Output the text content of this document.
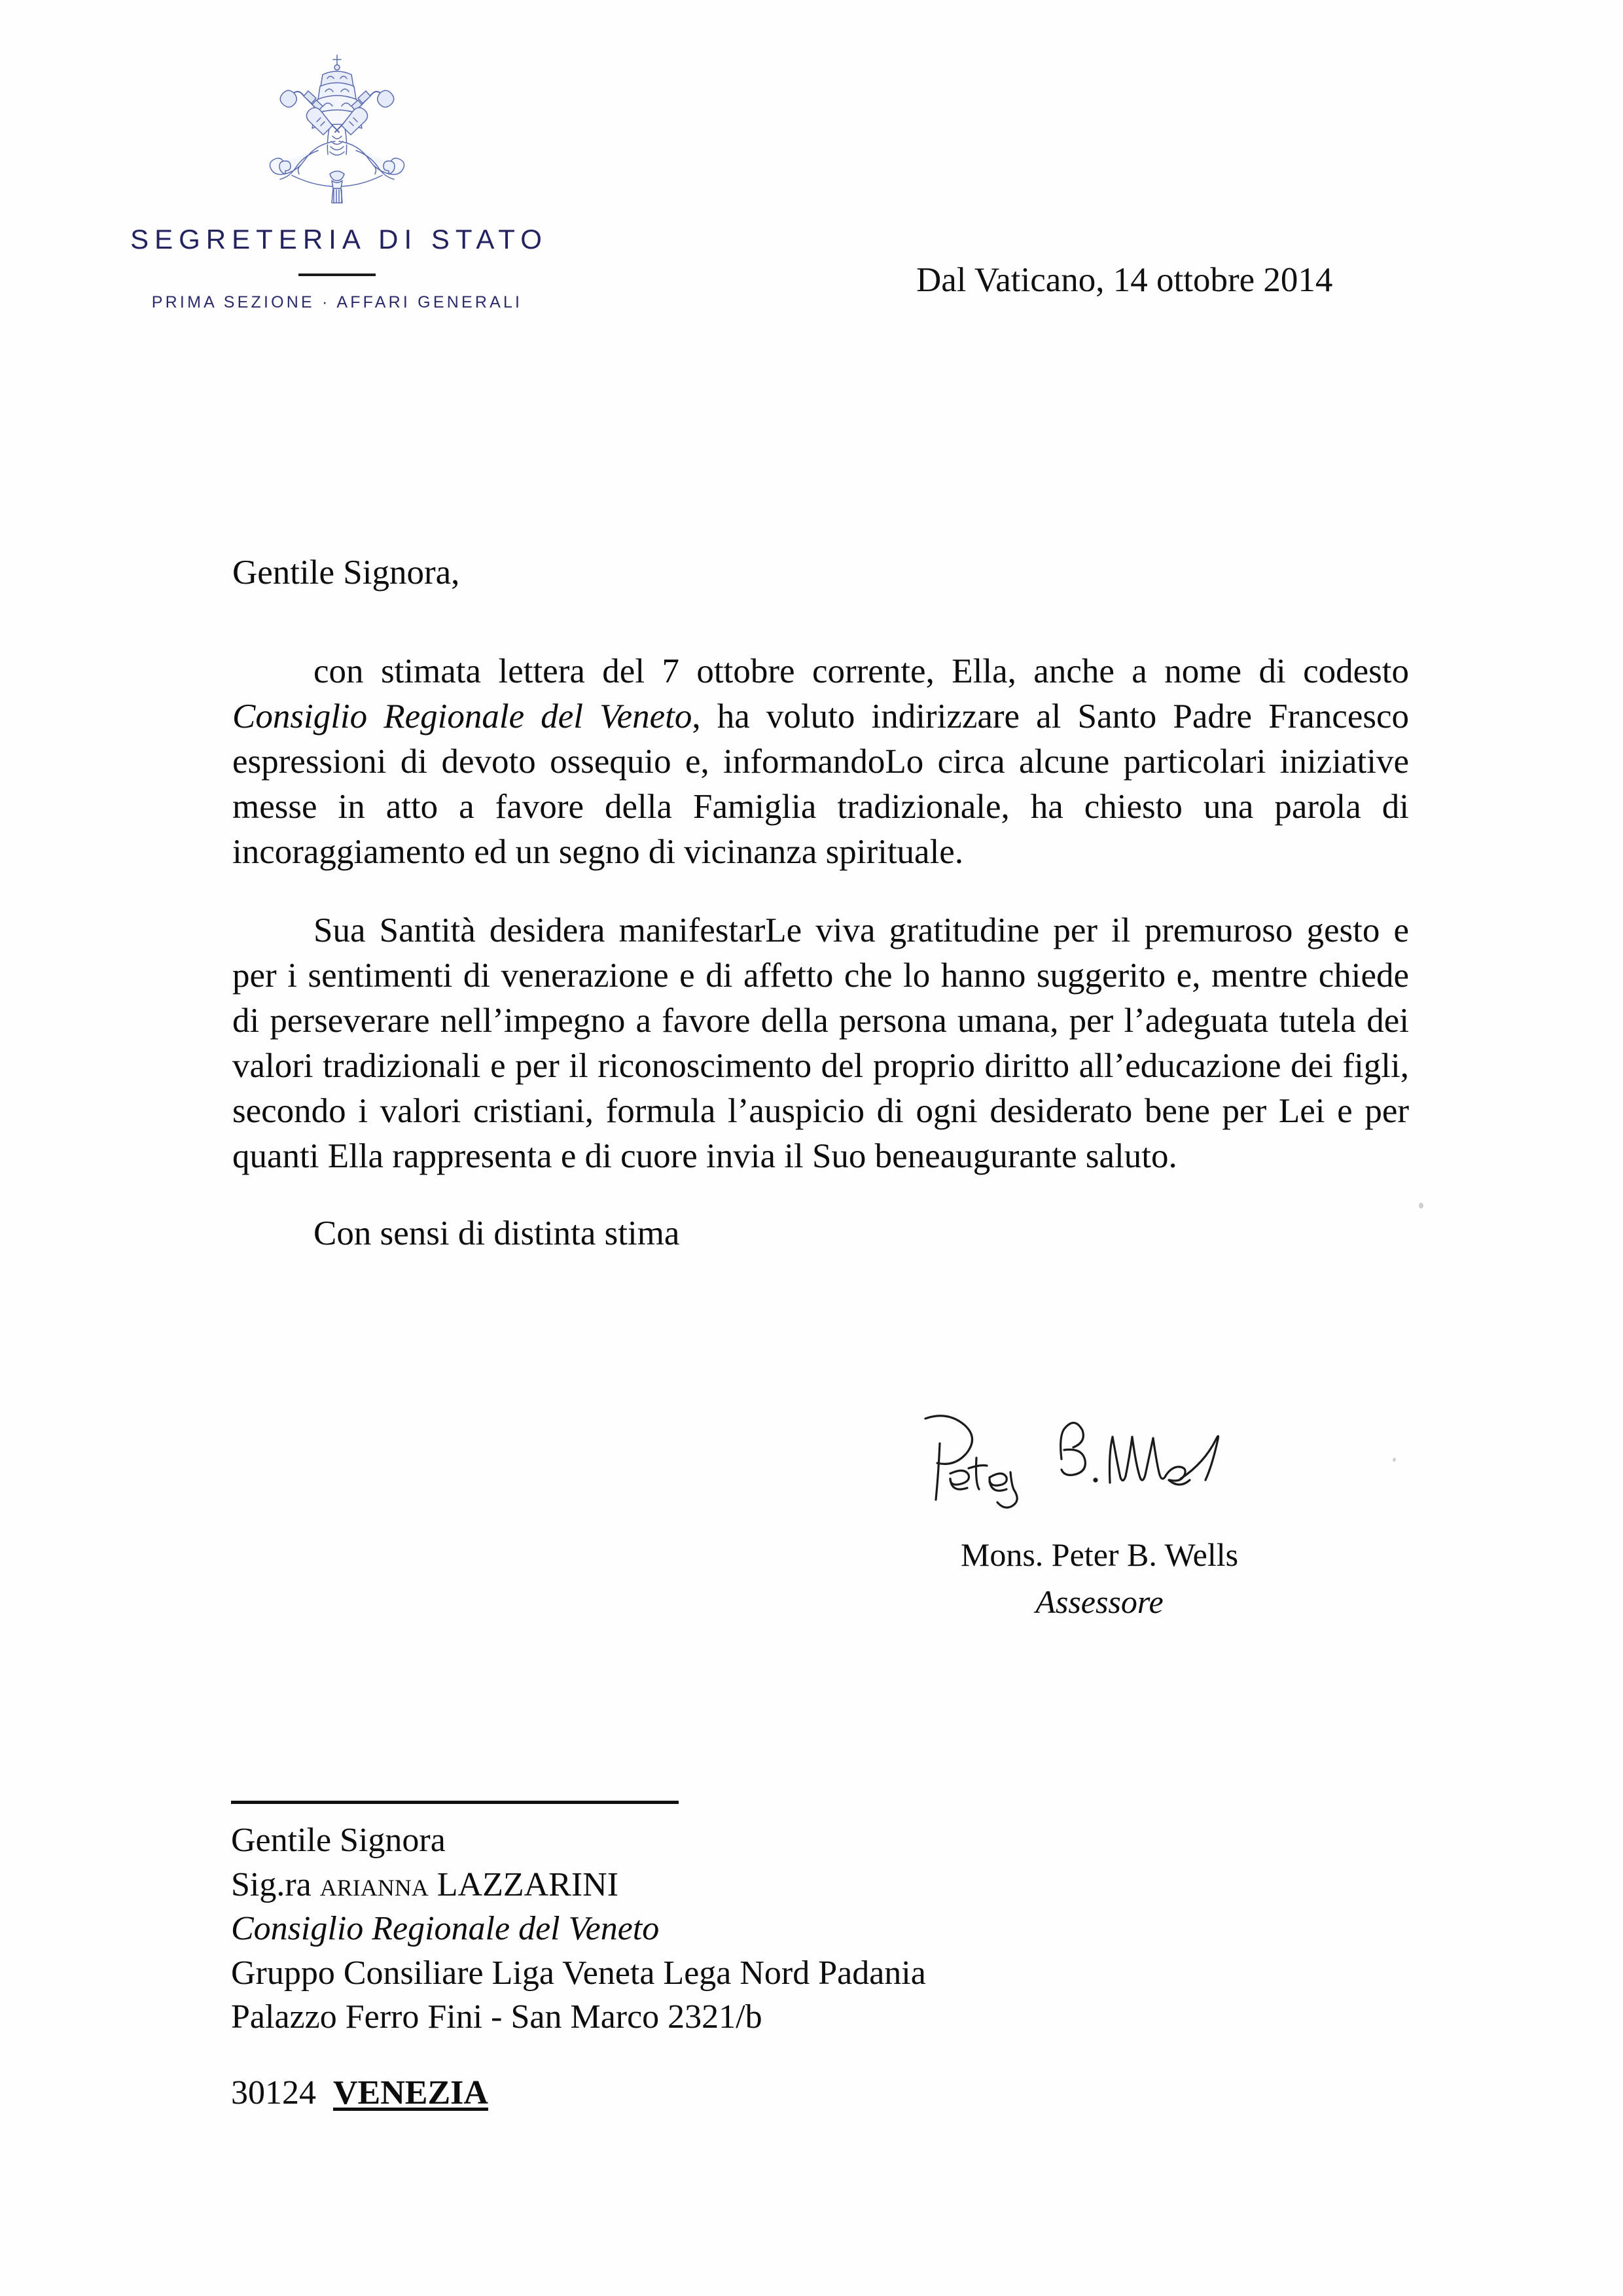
SEGRETERIA DI STATO
PRIMA SEZIONE · AFFARI GENERALI
Dal Vaticano, 14 ottobre 2014

Gentile Signora,

con stimata lettera del 7 ottobre corrente, Ella, anche a nome di codesto Consiglio Regionale del Veneto, ha voluto indirizzare al Santo Padre Francesco espressioni di devoto ossequio e, informandoLo circa alcune particolari iniziative messe in atto a favore della Famiglia tradizionale, ha chiesto una parola di incoraggiamento ed un segno di vicinanza spirituale.

Sua Santità desidera manifestarLe viva gratitudine per il premuroso gesto e per i sentimenti di venerazione e di affetto che lo hanno suggerito e, mentre chiede di perseverare nell’impegno a favore della persona umana, per l’adeguata tutela dei valori tradizionali e per il riconoscimento del proprio diritto all’educazione dei figli, secondo i valori cristiani, formula l’auspicio di ogni desiderato bene per Lei e per quanti Ella rappresenta e di cuore invia il Suo beneaugurante saluto.

Con sensi di distinta stima

Mons. Peter B. Wells
Assessore
Gentile Signora
Sig.ra arianna LAZZARINI
Consiglio Regionale del Veneto
Gruppo Consiliare Liga Veneta Lega Nord Padania
Palazzo Ferro Fini - San Marco 2321/b
30124 VENEZIA
